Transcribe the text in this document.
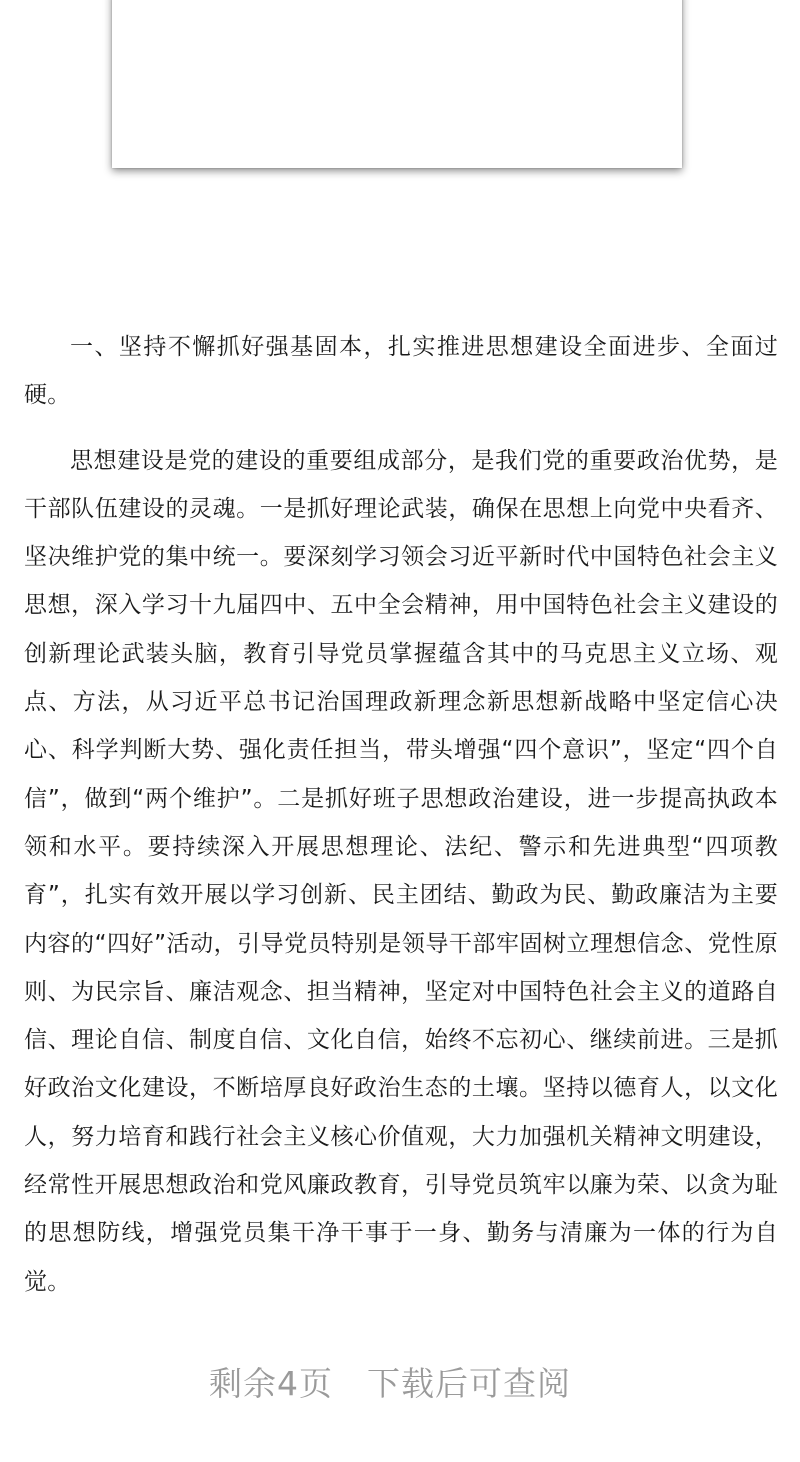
一、坚持不懈抓好强基固本，扎实推进思想建设全面进步、全面过硬。

思想建设是党的建设的重要组成部分，是我们党的重要政治优势，是干部队伍建设的灵魂。一是抓好理论武装，确保在思想上向党中央看齐、坚决维护党的集中统一。要深刻学习领会习近平新时代中国特色社会主义思想，深入学习十九届四中、五中全会精神，用中国特色社会主义建设的创新理论武装头脑，教育引导党员掌握蕴含其中的马克思主义立场、观点、方法，从习近平总书记治国理政新理念新思想新战略中坚定信心决心、科学判断大势、强化责任担当，带头增强“四个意识”，坚定“四个自信”，做到“两个维护”。二是抓好班子思想政治建设，进一步提高执政本领和水平。要持续深入开展思想理论、法纪、警示和先进典型“四项教育”，扎实有效开展以学习创新、民主团结、勤政为民、勤政廉洁为主要内容的“四好”活动，引导党员特别是领导干部牢固树立理想信念、党性原则、为民宗旨、廉洁观念、担当精神，坚定对中国特色社会主义的道路自信、理论自信、制度自信、文化自信，始终不忘初心、继续前进。三是抓好政治文化建设，不断培厚良好政治生态的土壤。坚持以德育人，以文化人，努力培育和践行社会主义核心价值观，大力加强机关精神文明建设，经常性开展思想政治和党风廉政教育，引导党员筑牢以廉为荣、以贪为耻的思想防线，增强党员集干净干事于一身、勤务与清廉为一体的行为自觉。

剩余4页 下载后可查阅
